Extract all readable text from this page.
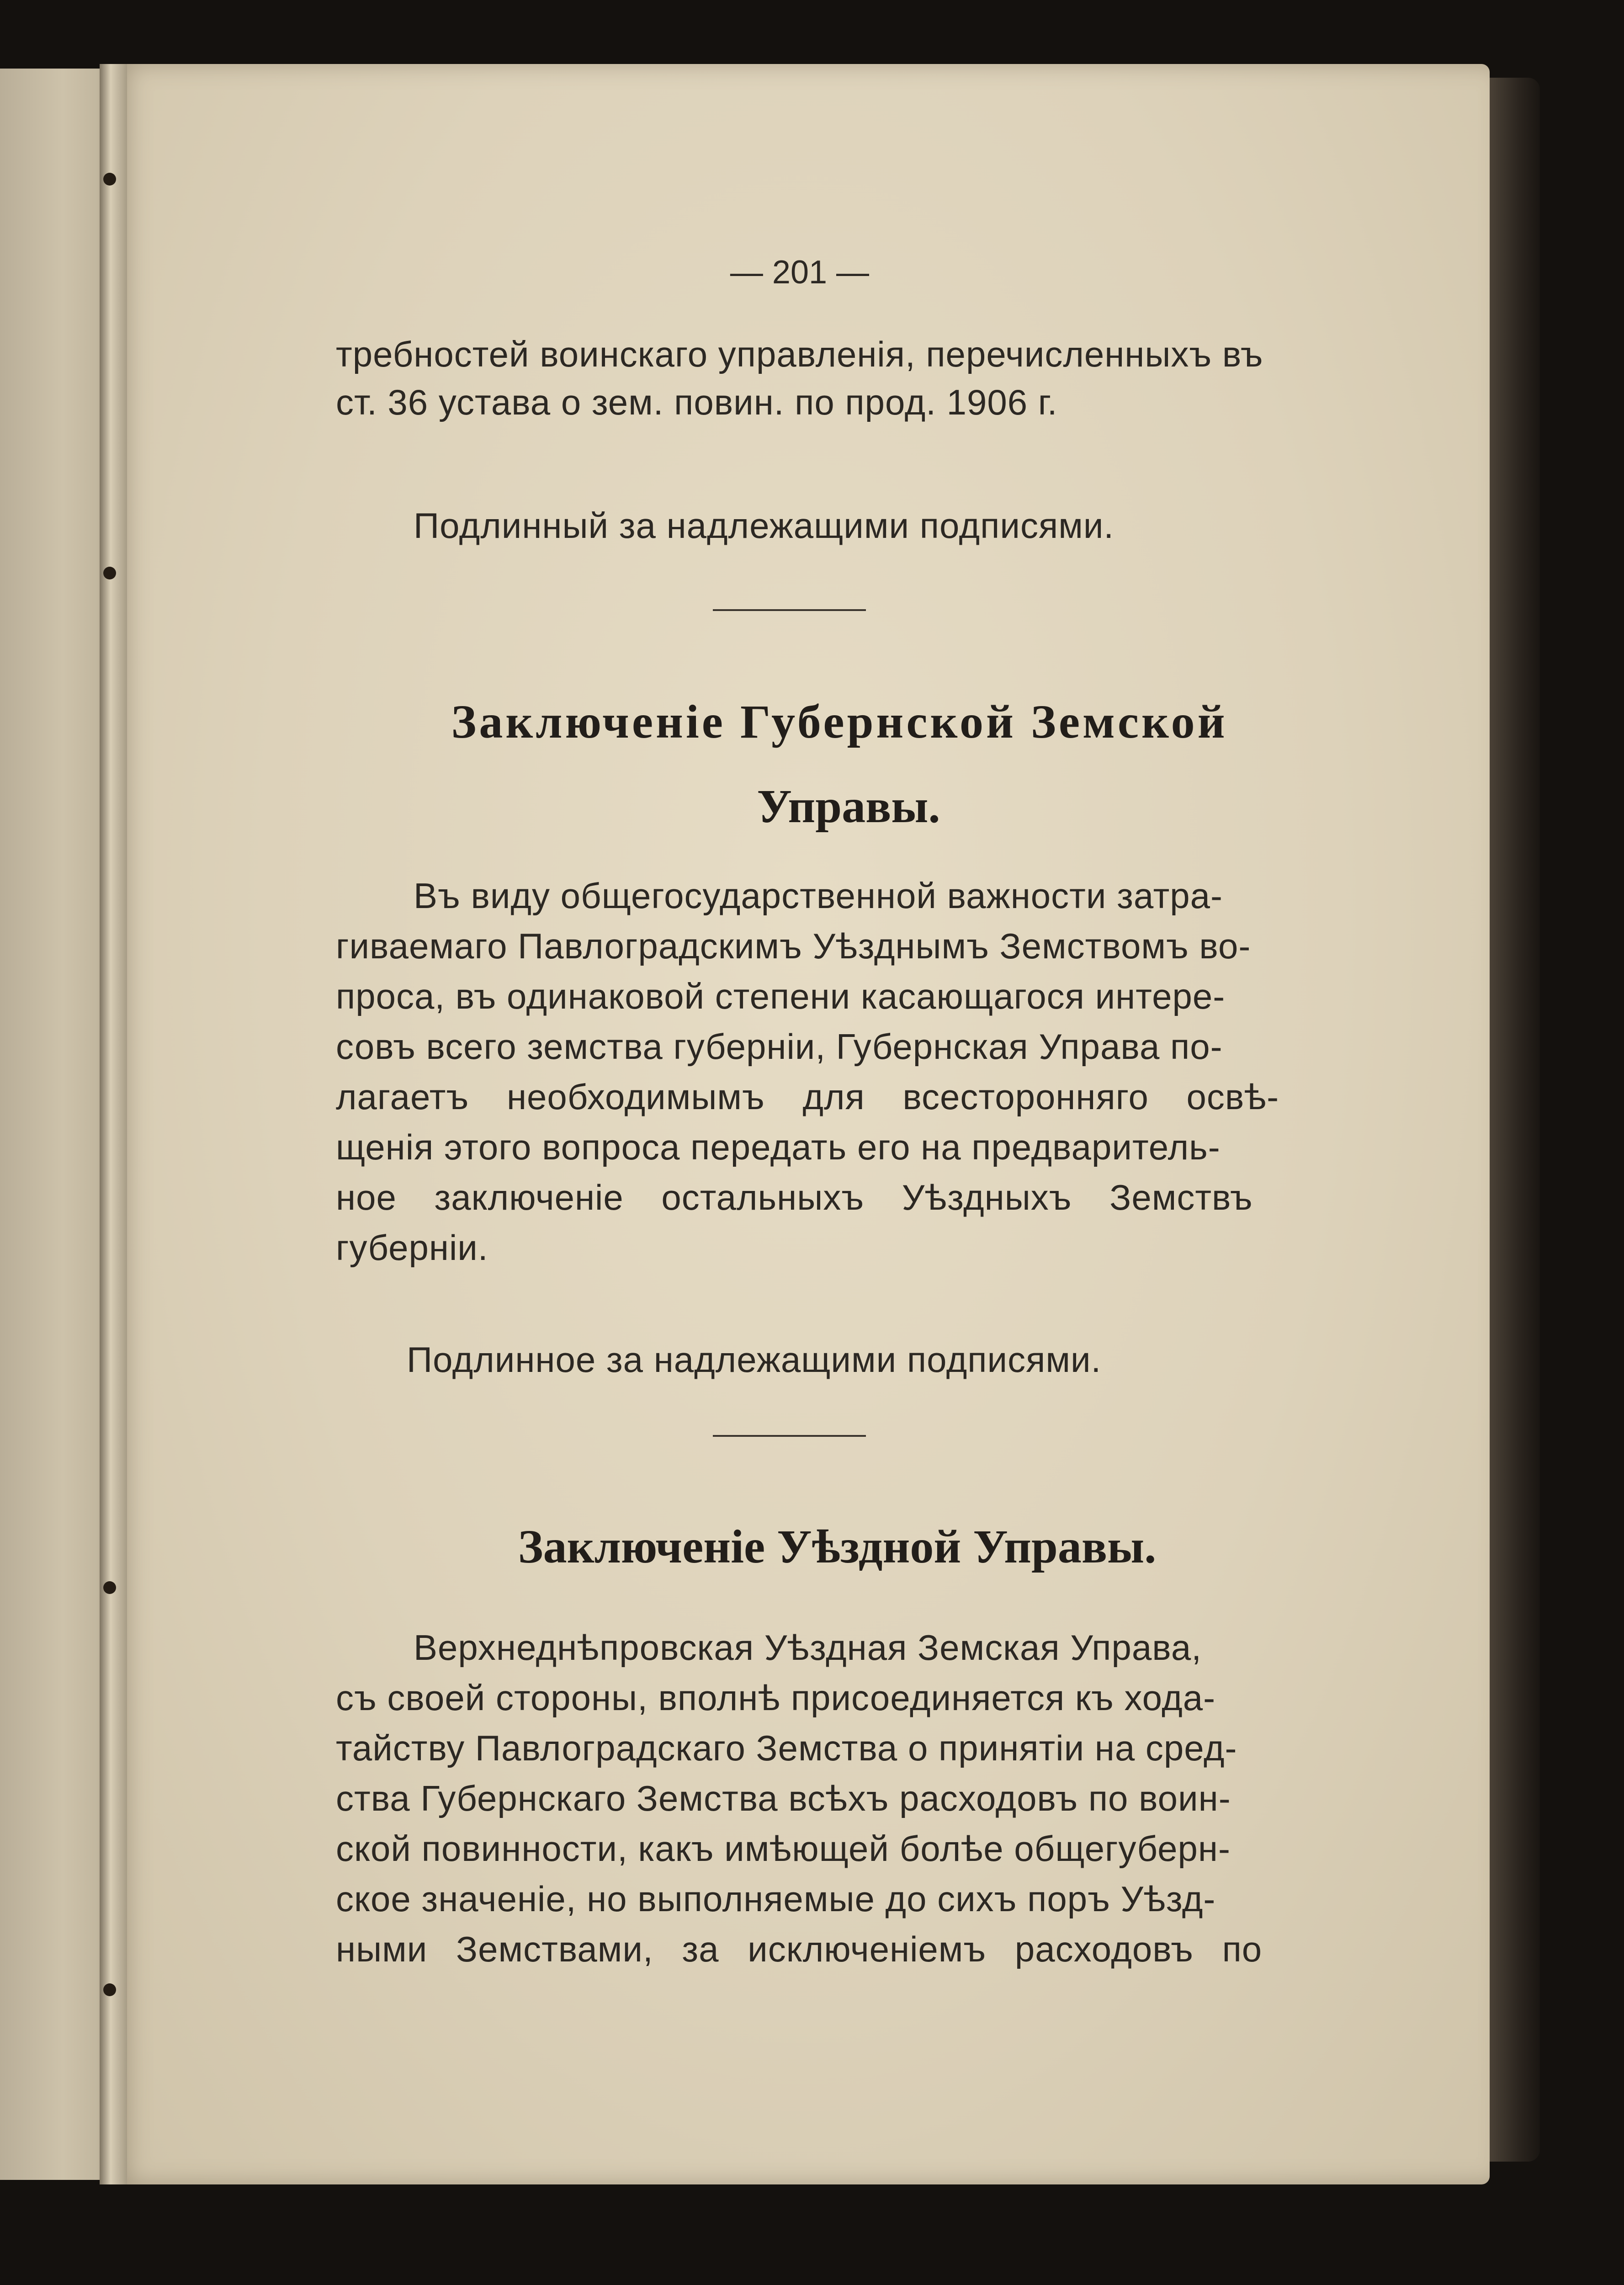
— 201 —
требностей воинскаго управленія, перечисленныхъ въ
ст. 36 устава о зем. повин. по прод. 1906 г.
Подлинный за надлежащими подписями.
Заключеніе Губернской Земской
Управы.
Въ виду общегосударственной важности затра-
гиваемаго Павлоградскимъ Уѣзднымъ Земствомъ во-
проса, въ одинаковой степени касающагося интере-
совъ всего земства губерніи, Губернская Управа по-
лагаетъ необходимымъ для всесторонняго освѣ-
щенія этого вопроса передать его на предваритель-
ное заключеніе остальныхъ Уѣздныхъ Земствъ
губерніи.
Подлинное за надлежащими подписями.
Заключеніе Уѣздной Управы.
Верхнеднѣпровская Уѣздная Земская Управа,
съ своей стороны, вполнѣ присоединяется къ хода-
тайству Павлоградскаго Земства о принятіи на сред-
ства Губернскаго Земства всѣхъ расходовъ по воин-
ской повинности, какъ имѣющей болѣе общегуберн-
ское значеніе, но выполняемые до сихъ поръ Уѣзд-
ными Земствами, за исключеніемъ расходовъ по
